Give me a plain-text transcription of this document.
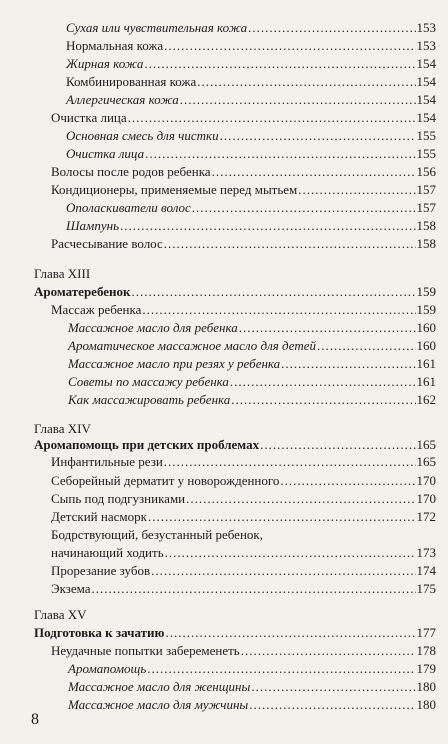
Сухая или чувствительная кожа .....	153
Нормальная кожа .....	153
Жирная кожа .....	154
Комбинированная кожа .....	154
Аллергическая кожа .....	154
Очистка лица .....	154
Основная смесь для чистки .....	155
Очистка лица .....	155
Волосы после родов ребенка .....	156
Кондиционеры, применяемые перед мытьем .....	157
Ополаскиватели волос .....	157
Шампунь .....	158
Расчесывание волос .....	158
Глава XIII
Ароматеребенок .....	159
Массаж ребенка .....	159
Массажное масло для ребенка .....	160
Ароматическое массажное масло для детей .....	160
Массажное масло при резях у ребенка .....	161
Советы по массажу ребенка .....	161
Как массажировать ребенка .....	162
Глава XIV
Аромапомощь при детских проблемах .....	165
Инфантильные рези .....	165
Себорейный дерматит у новорожденного .....	170
Сыпь под подгузниками .....	170
Детский насморк .....	172
Бодрствующий, безустанный ребенок,
начинающий ходить .....	173
Прорезание зубов .....	174
Экзема .....	175
Глава XV
Подготовка к зачатию .....	177
Неудачные попытки забеременеть .....	178
Аромапомощь .....	179
Массажное масло для женщины .....	180
Массажное масло для мужчины .....	180
8
